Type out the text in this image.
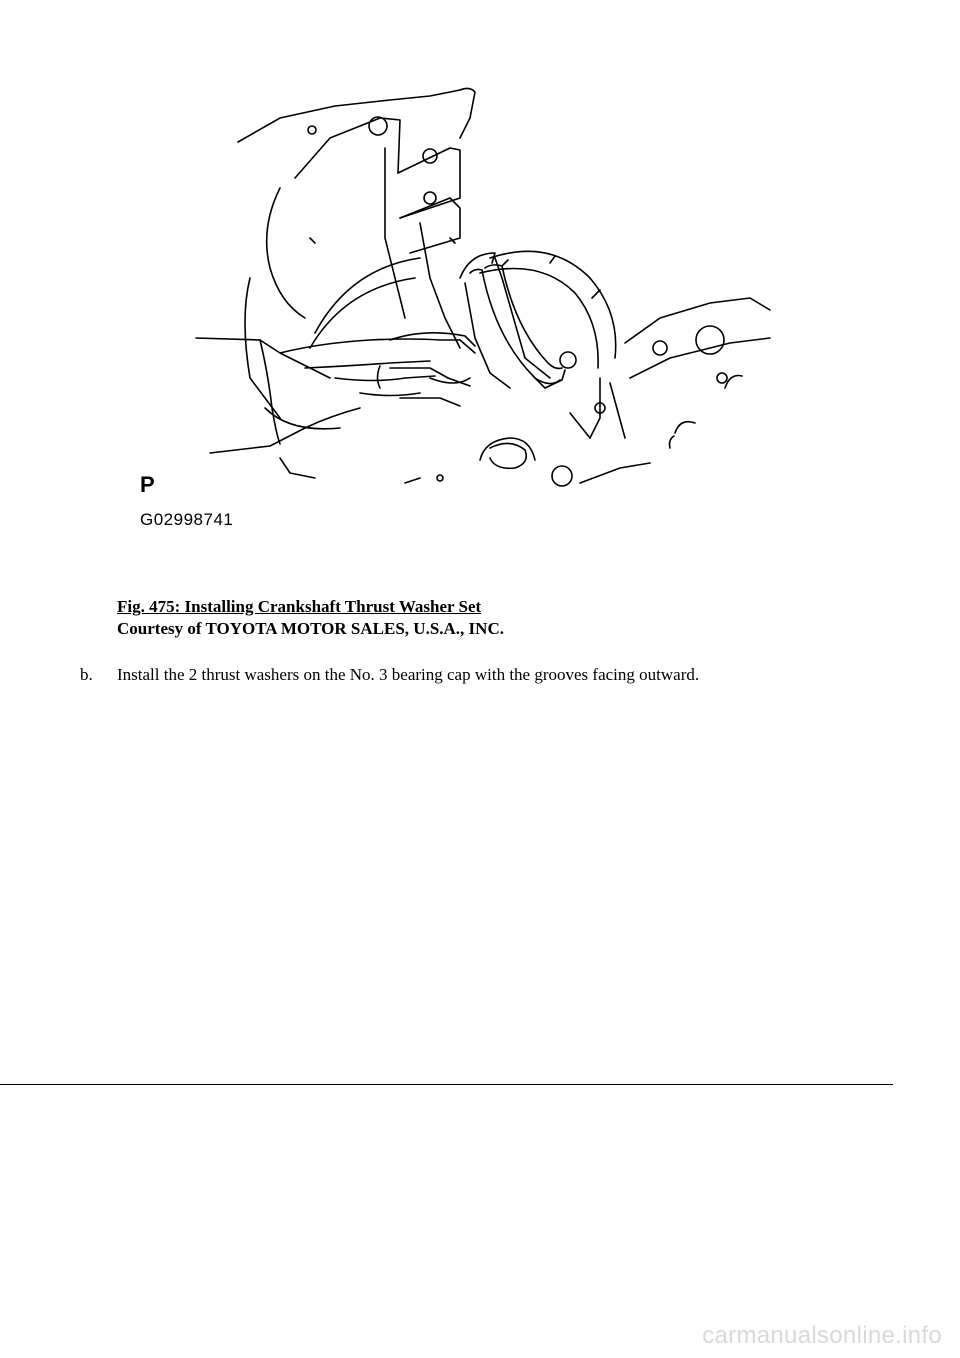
P
G02998741
Fig. 475: Installing Crankshaft Thrust Washer Set
Courtesy of TOYOTA MOTOR SALES, U.S.A., INC.
b. Install the 2 thrust washers on the No. 3 bearing cap with the grooves facing outward.
carmanualsonline.info
